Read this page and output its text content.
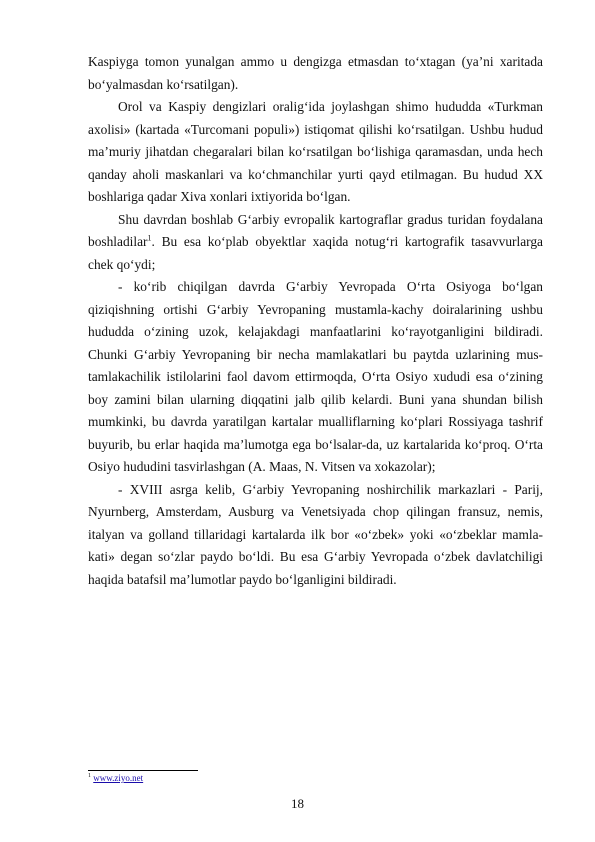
Kaspiyga tomon yunalgan ammo u dengizga etmasdan to‘xtagan (ya’ni xaritada bo‘yalmasdan ko‘rsatilgan).

Orol va Kaspiy dengizlari oralig‘ida joylashgan shimo hududda «Turkman axolisi» (kartada «Turcomani populi») istiqomat qilishi ko‘rsatilgan. Ushbu hudud ma’muriy jihatdan chegaralari bilan ko‘rsatilgan bo‘lishiga qaramasdan, unda hech qanday aholi maskanlari va ko‘chmanchilar yurti qayd etilmagan. Bu hudud XX boshlariga qadar Xiva xonlari ixtiyorida bo‘lgan.

Shu davrdan boshlab G‘arbiy evropalik kartograflar gradus turidan foydalana boshladilar$^1$. Bu esa ko‘plab obyektlar xaqida notug‘ri kartografik tasavvurlarga chek qo‘ydi;

- ko‘rib chiqilgan davrda G‘arbiy Yevropada O‘rta Osiyoga bo‘lgan qiziqishning ortishi G‘arbiy Yevropaning mustamla-kachy doiralarining ushbu hududda o‘zining uzok, kelajakdagi manfaatlarini ko‘rayotganligini bildiradi. Chunki G‘arbiy Yevropaning bir necha mamlakatlari bu paytda uzlarining mus-tamlakachilik istilolarini faol davom ettirmoqda, O‘rta Osiyo xududi esa o‘zining boy zamini bilan ularning diqqatini jalb qilib kelardi. Buni yana shundan bilish mumkinki, bu davrda yaratilgan kartalar mualliflarning ko‘plari Rossiyaga tashrif buyurib, bu erlar haqida ma’lumotga ega bo‘lsalar-da, uz kartalarida ko‘proq. O‘rta Osiyo hududini tasvirlashgan (A. Maas, N. Vitsen va xokazolar);

- XVIII asrga kelib, G‘arbiy Yevropaning noshirchilik markazlari - Parij, Nyurnberg, Amsterdam, Ausburg va Venetsiyada chop qilingan fransuz, nemis, italyan va golland tillaridagi kartalarda ilk bor «o‘zbek» yoki «o‘zbeklar mamla-kati» degan so‘zlar paydo bo‘ldi. Bu esa G‘arbiy Yevropada o‘zbek davlatchiligi haqida batafsil ma’lumotlar paydo bo‘lganligini bildiradi.

$^1$ www.ziyo.net
18
